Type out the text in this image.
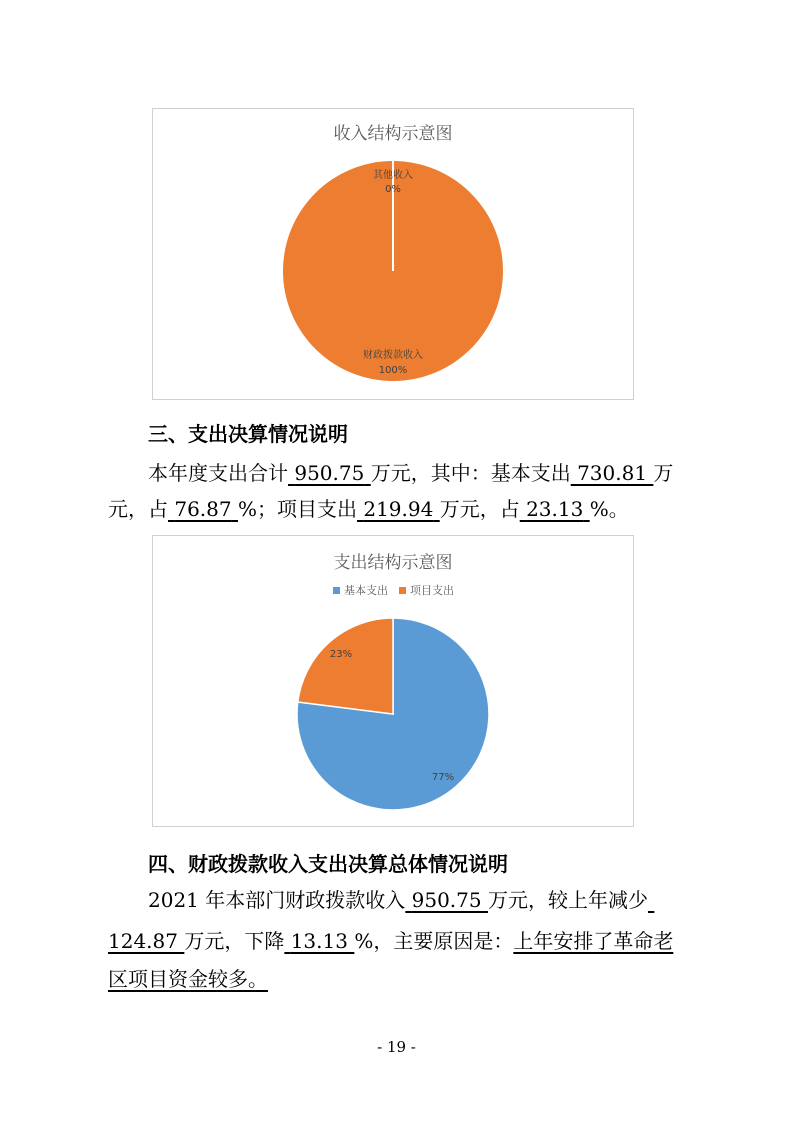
收入结构示意图
其他收入
0%
财政拨款收入
100%
三、支出决算情况说明
本年度支出合计 950.75 万元，其中：基本支出 730.81 万
元，占 76.87 %；项目支出 219.94 万元，占 23.13 %。
支出结构示意图
基本支出 项目支出
23%
77%
四、财政拨款收入支出决算总体情况说明
2021 年本部门财政拨款收入 950.75 万元，较上年减少
124.87 万元，下降 13.13 %，主要原因是：上年安排了革命老
区项目资金较多。
- 19 -
